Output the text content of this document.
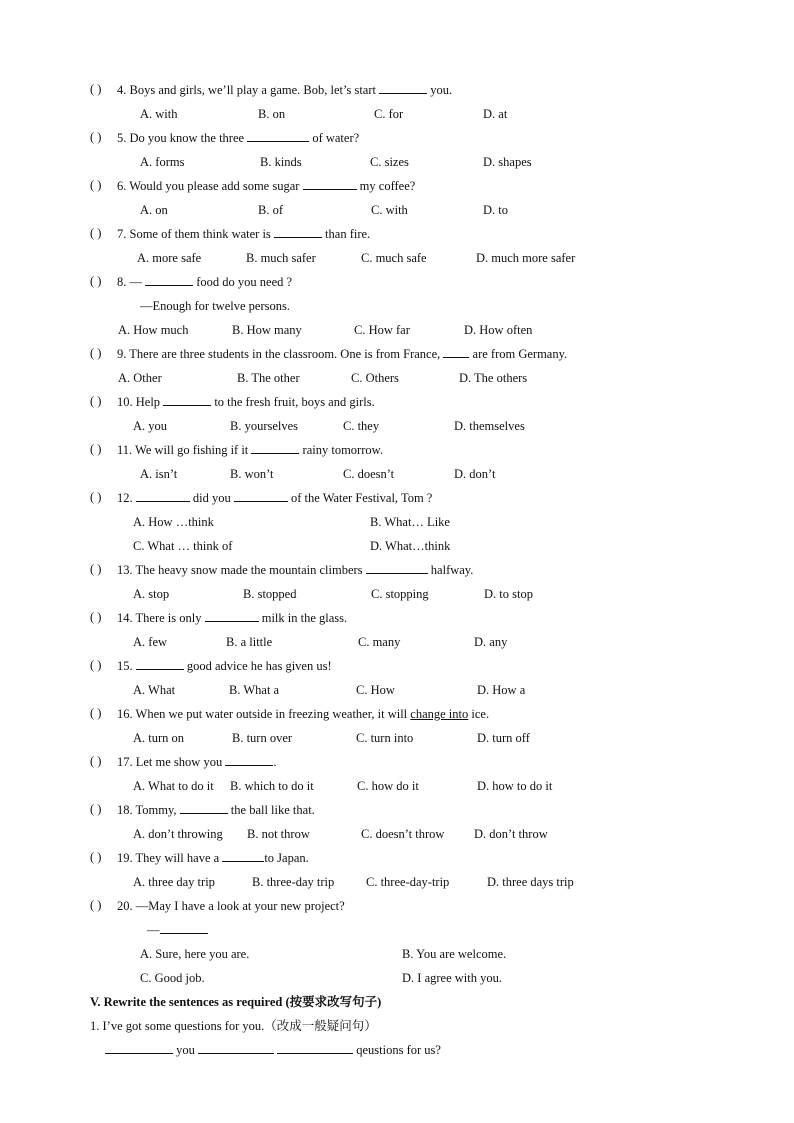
( ) 4. Boys and girls, we’ll play a game. Bob, let’s start	you.
A. with	B. on	C. for	D. at
( ) 5. Do you know the three	of water?
A. forms	B. kinds	C. sizes	D. shapes
( ) 6. Would you please add some sugar	my coffee?
A. on	B. of	C. with	D. to
( ) 7. Some of them think water is	than fire.
A. more safe	B. much safer	C. much safe	D. much more safer
( ) 8. —	food do you need ?
—Enough for twelve persons.
A. How much	B. How many	C. How far	D. How often
( ) 9. There are three students in the classroom. One is from France,	are from Germany.
A. Other	B. The other	C. Others	D. The others
( ) 10. Help	to the fresh fruit, boys and girls.
A. you	B. yourselves	C. they	D. themselves
( ) 11. We will go fishing if it	rainy tomorrow.
A. isn’t	B. won’t	C. doesn’t	D. don’t
( ) 12.	did you	of the Water Festival, Tom ?
A. How …think	B. What… Like
C. What … think of	D. What…think
( ) 13. The heavy snow made the mountain climbers	halfway.
A. stop	B. stopped	C. stopping	D. to stop
( ) 14. There is only	milk in the glass.
A. few	B. a little	C. many	D. any
( ) 15.	good advice he has given us!
A. What	B. What a	C. How	D. How a
( ) 16. When we put water outside in freezing weather, it will change into ice.
A. turn on	B. turn over	C. turn into	D. turn off
( ) 17. Let me show you	.
A. What to do it B. which to do it	C. how do it	D. how to do it
( ) 18. Tommy,	the ball like that.
A. don’t throwing B. not throw	C. doesn’t throw D. don’t throw
( ) 19. They will have a	to Japan.
A. three day trip	B. three-day trip	C. three-day-trip	D. three days trip
( ) 20. —May I have a look at your new project?
—
A. Sure, here you are.	B. You are welcome.
C. Good job.	D. I agree with you.
V. Rewrite the sentences as required (按要求改写句子)
1. I’ve got some questions for you.（改成一般疑问句）
you	qeustions for us?
